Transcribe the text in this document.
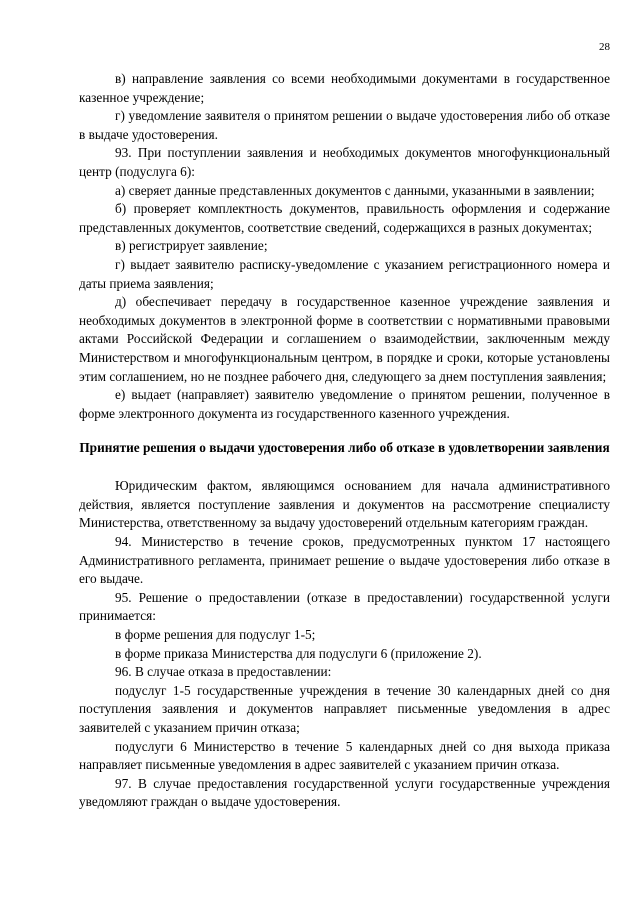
28

в) направление заявления со всеми необходимыми документами в государственное казенное учреждение;

г) уведомление заявителя о принятом решении о выдаче удостоверения либо об отказе в выдаче удостоверения.

93. При поступлении заявления и необходимых документов многофункциональный центр (подуслуга 6):

а) сверяет данные представленных документов с данными, указанными в заявлении;

б) проверяет комплектность документов, правильность оформления и содержание представленных документов, соответствие сведений, содержащихся в разных документах;

в) регистрирует заявление;

г) выдает заявителю расписку-уведомление с указанием регистрационного номера и даты приема заявления;

д) обеспечивает передачу в государственное казенное учреждение заявления и необходимых документов в электронной форме в соответствии с нормативными правовыми актами Российской Федерации и соглашением о взаимодействии, заключенным между Министерством и многофункциональным центром, в порядке и сроки, которые установлены этим соглашением, но не позднее рабочего дня, следующего за днем поступления заявления;

е) выдает (направляет) заявителю уведомление о принятом решении, полученное в форме электронного документа из государственного казенного учреждения.

Принятие решения о выдачи удостоверения либо об отказе в удовлетворении заявления

Юридическим фактом, являющимся основанием для начала административного действия, является поступление заявления и документов на рассмотрение специалисту Министерства, ответственному за выдачу удостоверений отдельным категориям граждан.

94. Министерство в течение сроков, предусмотренных пунктом 17 настоящего Административного регламента, принимает решение о выдаче удостоверения либо отказе в его выдаче.

95. Решение о предоставлении (отказе в предоставлении) государственной услуги принимается:

в форме решения для подуслуг 1-5;

в форме приказа Министерства для подуслуги 6 (приложение 2).

96. В случае отказа в предоставлении:

подуслуг 1-5 государственные учреждения в течение 30 календарных дней со дня поступления заявления и документов направляет письменные уведомления в адрес заявителей с указанием причин отказа;

подуслуги 6 Министерство в течение 5 календарных дней со дня выхода приказа направляет письменные уведомления в адрес заявителей с указанием причин отказа.

97. В случае предоставления государственной услуги государственные учреждения уведомляют граждан о выдаче удостоверения.
